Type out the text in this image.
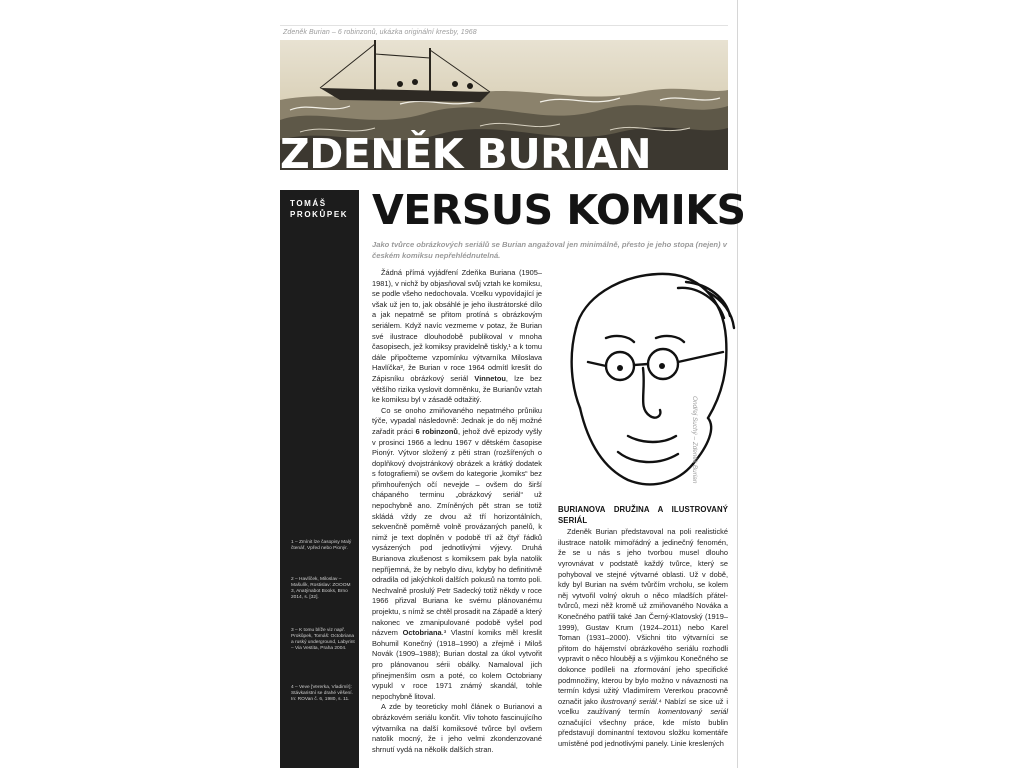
Zdeněk Burian – 6 robinzonů, ukázka originální kresby, 1968
ZDENĚK BURIAN
TOMÁŠ
PROKŮPEK VERSUS KOMIKS
Jako tvůrce obrázkových seriálů se Burian angažoval jen minimálně, přesto je jeho stopa (nejen) v českém komiksu nepřehlédnutelná.

Žádná přímá vyjádření Zdeňka Buriana (1905–1981), v nichž by objasňoval svůj vztah ke komiksu, se podle všeho nedochovala. Vcelku vypovídající je však už jen to, jak obsáhlé je jeho ilustrátorské dílo a jak nepatrně se přitom protíná s obrázkovým seriálem. Když navíc vezmeme v potaz, že Burian své ilustrace dlouhodobě publikoval v mnoha časopisech, jež komiksy pravidelně tiskly,¹ a k tomu dále připočteme vzpomínku výtvarníka Miloslava Havlíčka², že Burian v roce 1964 odmítl kreslit do Zápisníku obrázkový seriál Vinnetou, lze bez většího rizika vyslovit domněnku, že Burianův vztah ke komiksu byl v zásadě odtažitý.

Co se onoho zmiňovaného nepatrného průniku týče, vypadal následovně: Jednak je do něj možné zařadit práci 6 robinzonů, jehož dvě epizody vyšly v prosinci 1966 a lednu 1967 v dětském časopise Pionýr. Výtvor složený z pěti stran (rozšířených o doplňkový dvojstránkový obrázek a krátký dodatek s fotografiemi) se ovšem do kategorie „komiks“ bez přimhouřených očí nevejde – ovšem do širší chápaného terminu „obrázkový seriál“ už nepochybně ano. Zmíněných pět stran se totiž skládá vždy ze dvou až tří horizontálních, sekvenčně poměrně volně provázaných panelů, k nimž je text doplněn v podobě tří až čtyř řádků vysázených pod jednotlivými výjevy. Druhá Burianova zkušenost s komiksem pak byla natolik nepříjemná, že by nebylo divu, kdyby ho definitivně odradila od jakýchkoli dalších pokusů na tomto poli. Nechvalně proslulý Petr Sadecký totiž někdy v roce 1966 přizval Buriana ke svému plánovanému projektu, s nímž se chtěl prosadit na Západě a který nakonec ve zmanipulované podobě vyšel pod názvem Octobriana.³ Vlastní komiks měl kreslit Bohumil Konečný (1918–1990) a zřejmě i Miloš Novák (1909–1988); Burian dostal za úkol vytvořit pro plánovanou sérii obálky. Namaloval jich přinejmenším osm a poté, co kolem Octobriany vypukl v roce 1971 známý skandál, tohle nepochybně litoval.

A zde by teoreticky mohl článek o Burianovi a obrázkovém seriálu končit. Vliv tohoto fascinujícího výtvarníka na další komiksové tvůrce byl ovšem natolik mocný, že i jeho velmi zkondenzované shrnutí vydá na několik dalších stran.

Ondřej Suchý – Zdeněk Burian
BURIANOVA DRUŽINA A ILUSTROVANÝ SERIÁL

Zdeněk Burian představoval na poli realistické ilustrace natolik mimořádný a jedinečný fenomén, že se u nás s jeho tvorbou musel dlouho vyrovnávat v podstatě každý tvůrce, který se pohyboval ve stejné výtvarné oblasti. Už v době, kdy byl Burian na svém tvůrčím vrcholu, se kolem něj vytvořil volný okruh o něco mladších přátel-tvůrců, mezi něž kromě už zmiňovaného Nováka a Konečného patřili také Jan Černý-Klatovský (1919–1999), Gustav Krum (1924–2011) nebo Karel Toman (1931–2000). Všichni tito výtvarníci se přitom do hájemství obrázkového seriálu rozhodli vypravit o něco hlouběji a s výjimkou Konečného se dokonce podíleli na zformování jeho specifické podmnožiny, kterou by bylo možno v návaznosti na termín kdysi užitý Vladimírem Vererkou pracovně označit jako ilustrovaný seriál.⁴ Nabízí se sice už i vcelku zaužívaný termín komentovaný seriál označující všechny práce, kde místo bublin představují dominantní textovou složku komentáře umístěné pod jednotlivými panely. Linie kreslených

1 – Zmínit lze časopisy Malý čtenář, Vpřed nebo Pionýr.
2 – Havlíček, Miloslav – Mašulík, Rostislav: ZOOOM 3, Anatýnabot Books, Brno 2014, s. [32].
3 – K tomu blíže viz např. Prokůpek, Tomáš: Octobriana a ruský underground, Labyrint – Via Vestita, Praha 2004.
4 – Veve [Vererka, Vladimír]: Stávkaristní se drahé věšení. In: ROVan č. 6, 1980, s. 11.
